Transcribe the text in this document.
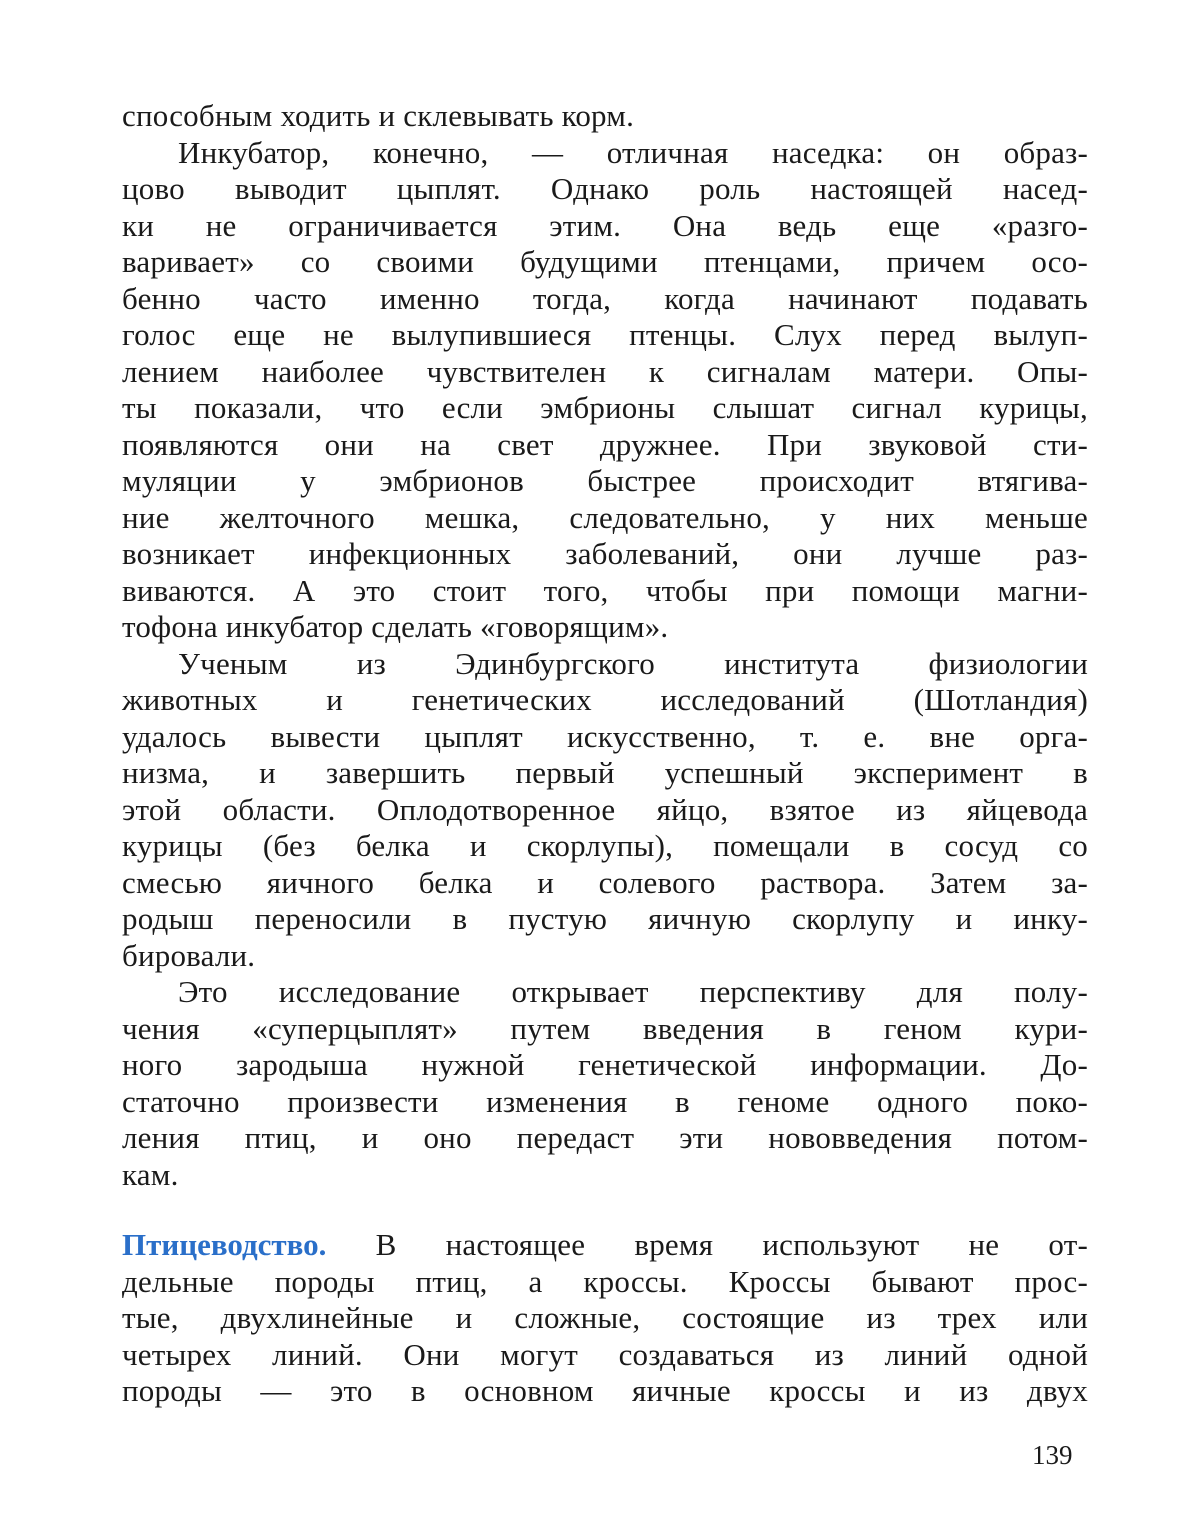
способным ходить и склевывать корм.
Инкубатор, конечно, — отличная наседка: он образ-
цово выводит цыплят. Однако роль настоящей насед-
ки не ограничивается этим. Она ведь еще «разго-
варивает» со своими будущими птенцами, причем осо-
бенно часто именно тогда, когда начинают подавать
голос еще не вылупившиеся птенцы. Слух перед вылуп-
лением наиболее чувствителен к сигналам матери. Опы-
ты показали, что если эмбрионы слышат сигнал курицы,
появляются они на свет дружнее. При звуковой сти-
муляции у эмбрионов быстрее происходит втягива-
ние желточного мешка, следовательно, у них меньше
возникает инфекционных заболеваний, они лучше раз-
виваются. А это стоит того, чтобы при помощи магни-
тофона инкубатор сделать «говорящим».
Ученым из Эдинбургского института физиологии
животных и генетических исследований (Шотландия)
удалось вывести цыплят искусственно, т. е. вне орга-
низма, и завершить первый успешный эксперимент в
этой области. Оплодотворенное яйцо, взятое из яйцевода
курицы (без белка и скорлупы), помещали в сосуд со
смесью яичного белка и солевого раствора. Затем за-
родыш переносили в пустую яичную скорлупу и инку-
бировали.
Это исследование открывает перспективу для полу-
чения «суперцыплят» путем введения в геном кури-
ного зародыша нужной генетической информации. До-
статочно произвести изменения в геноме одного поко-
ления птиц, и оно передаст эти нововведения потом-
кам.
Птицеводство. В настоящее время используют не от-
дельные породы птиц, а кроссы. Кроссы бывают прос-
тые, двухлинейные и сложные, состоящие из трех или
четырех линий. Они могут создаваться из линий одной
породы — это в основном яичные кроссы и из двух
139
